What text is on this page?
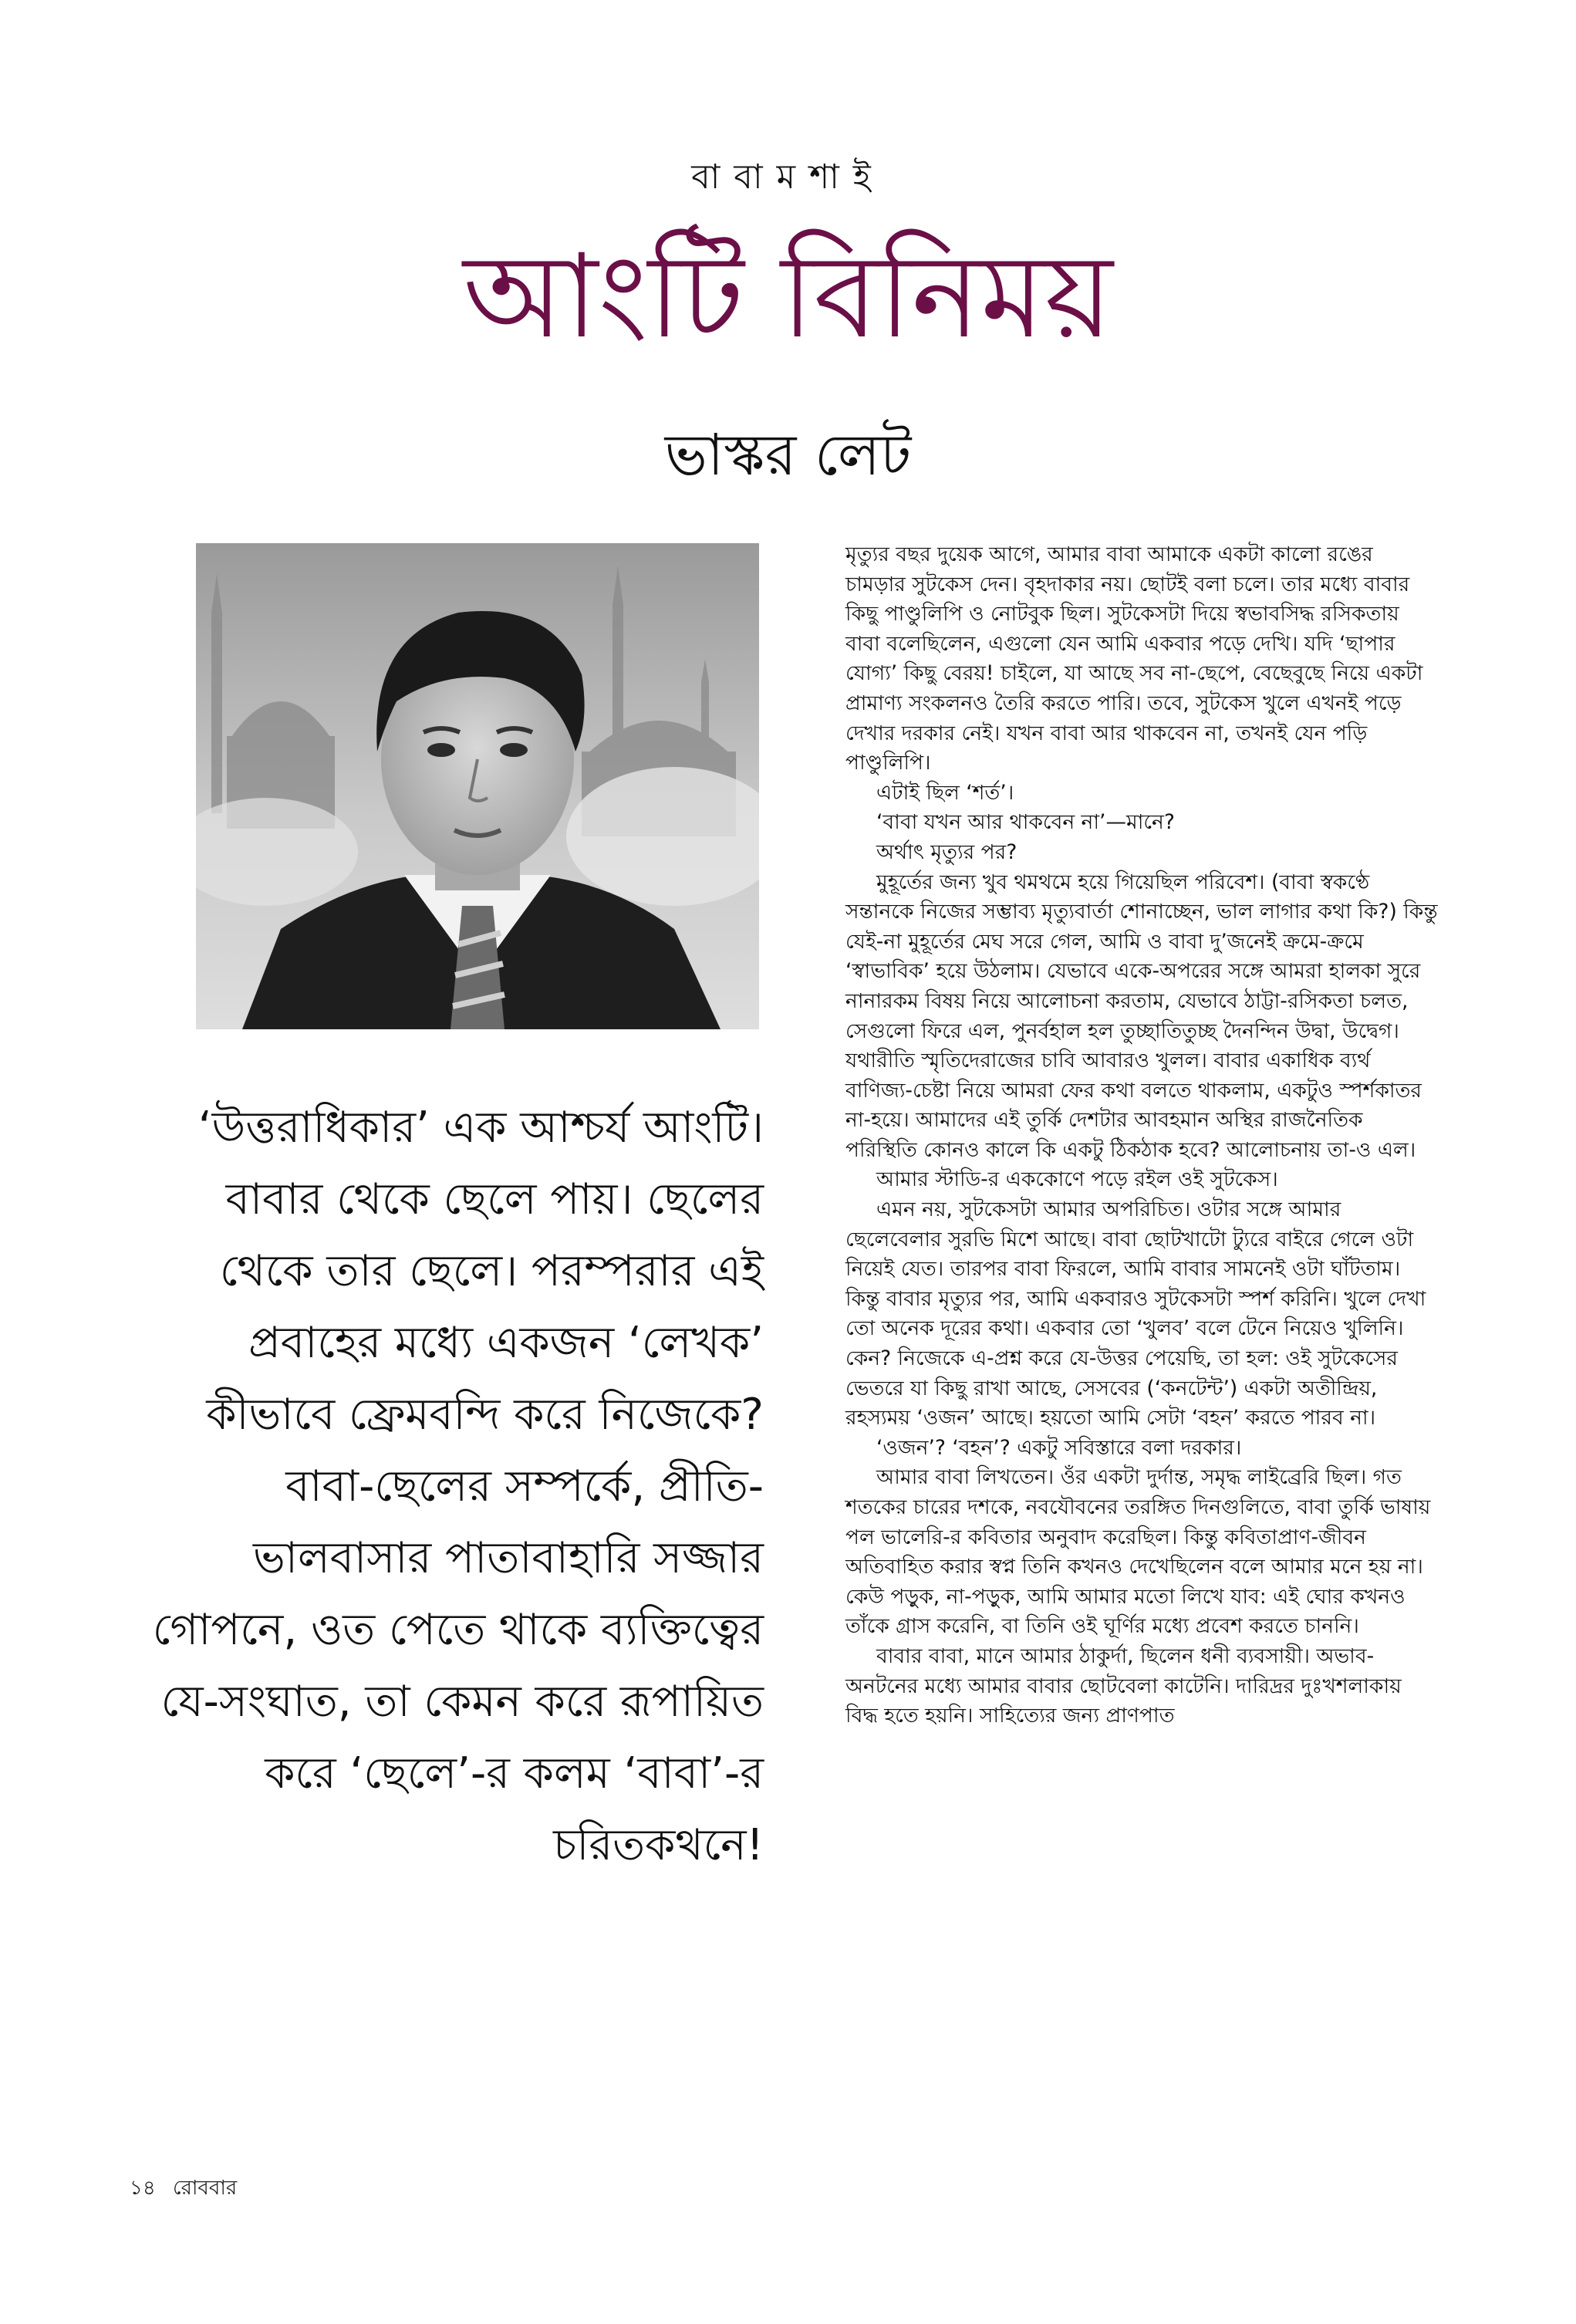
বাবামশাই
আংটি বিনিময়
ভাস্কর লেট
‘উত্তরাধিকার’ এক আশ্চর্য আংটি। বাবার থেকে ছেলে পায়। ছেলের থেকে তার ছেলে। পরম্পরার এই প্রবাহের মধ্যে একজন ‘লেখক’ কীভাবে ফ্রেমবন্দি করে নিজেকে? বাবা-ছেলের সম্পর্কে, প্রীতি-ভালবাসার পাতাবাহারি সজ্জার গোপনে, ওত পেতে থাকে ব্যক্তিত্বের যে-সংঘাত, তা কেমন করে রূপায়িত করে ‘ছেলে’-র কলম ‘বাবা’-র চরিতকথনে!

মৃত্যুর বছর দুয়েক আগে, আমার বাবা আমাকে একটা কালো রঙের চামড়ার সুটকেস দেন। বৃহদাকার নয়। ছোটই বলা চলে। তার মধ্যে বাবার কিছু পাণ্ডুলিপি ও নোটবুক ছিল। সুটকেসটা দিয়ে স্বভাবসিদ্ধ রসিকতায় বাবা বলেছিলেন, এগুলো যেন আমি একবার পড়ে দেখি। যদি ‘ছাপার যোগ্য’ কিছু বেরয়! চাইলে, যা আছে সব না-ছেপে, বেছেবুছে নিয়ে একটা প্রামাণ্য সংকলনও তৈরি করতে পারি। তবে, সুটকেস খুলে এখনই পড়ে দেখার দরকার নেই। যখন বাবা আর থাকবেন না, তখনই যেন পড়ি পাণ্ডুলিপি।

এটাই ছিল ‘শর্ত’।

‘বাবা যখন আর থাকবেন না’—মানে?

অর্থাৎ মৃত্যুর পর?

মুহূর্তের জন্য খুব থমথমে হয়ে গিয়েছিল পরিবেশ। (বাবা স্বকণ্ঠে সন্তানকে নিজের সম্ভাব্য মৃত্যুবার্তা শোনাচ্ছেন, ভাল লাগার কথা কি?) কিন্তু যেই-না মুহূর্তের মেঘ সরে গেল, আমি ও বাবা দু’জনেই ক্রমে-ক্রমে ‘স্বাভাবিক’ হয়ে উঠলাম। যেভাবে একে-অপরের সঙ্গে আমরা হালকা সুরে নানারকম বিষয় নিয়ে আলোচনা করতাম, যেভাবে ঠাট্টা-রসিকতা চলত, সেগুলো ফিরে এল, পুনর্বহাল হল তুচ্ছাতিতুচ্ছ দৈনন্দিন উদ্বা, উদ্বেগ। যথারীতি স্মৃতিদেরাজের চাবি আবারও খুলল। বাবার একাধিক ব্যর্থ বাণিজ্য-চেষ্টা নিয়ে আমরা ফের কথা বলতে থাকলাম, একটুও স্পর্শকাতর না-হয়ে। আমাদের এই তুর্কি দেশটার আবহমান অস্থির রাজনৈতিক পরিস্থিতি কোনও কালে কি একটু ঠিকঠাক হবে? আলোচনায় তা-ও এল।

আমার স্টাডি-র এককোণে পড়ে রইল ওই সুটকেস।

এমন নয়, সুটকেসটা আমার অপরিচিত। ওটার সঙ্গে আমার ছেলেবেলার সুরভি মিশে আছে। বাবা ছোটখাটো ট্যুরে বাইরে গেলে ওটা নিয়েই যেত। তারপর বাবা ফিরলে, আমি বাবার সামনেই ওটা ঘাঁটতাম। কিন্তু বাবার মৃত্যুর পর, আমি একবারও সুটকেসটা স্পর্শ করিনি। খুলে দেখা তো অনেক দূরের কথা। একবার তো ‘খুলব’ বলে টেনে নিয়েও খুলিনি। কেন? নিজেকে এ-প্রশ্ন করে যে-উত্তর পেয়েছি, তা হল: ওই সুটকেসের ভেতরে যা কিছু রাখা আছে, সেসবের (‘কনটেন্ট’) একটা অতীন্দ্রিয়, রহস্যময় ‘ওজন’ আছে। হয়তো আমি সেটা ‘বহন’ করতে পারব না।

‘ওজন’? ‘বহন’? একটু সবিস্তারে বলা দরকার।

আমার বাবা লিখতেন। ওঁর একটা দুর্দান্ত, সমৃদ্ধ লাইব্রেরি ছিল। গত শতকের চারের দশকে, নবযৌবনের তরঙ্গিত দিনগুলিতে, বাবা তুর্কি ভাষায় পল ভালেরি-র কবিতার অনুবাদ করেছিল। কিন্তু কবিতাপ্রাণ-জীবন অতিবাহিত করার স্বপ্ন তিনি কখনও দেখেছিলেন বলে আমার মনে হয় না। কেউ পড়ুক, না-পড়ুক, আমি আমার মতো লিখে যাব: এই ঘোর কখনও তাঁকে গ্রাস করেনি, বা তিনি ওই ঘূর্ণির মধ্যে প্রবেশ করতে চাননি।

বাবার বাবা, মানে আমার ঠাকুর্দা, ছিলেন ধনী ব্যবসায়ী। অভাব-অনটনের মধ্যে আমার বাবার ছোটবেলা কাটেনি। দারিদ্রর দুঃখশলাকায় বিদ্ধ হতে হয়নি। সাহিত্যের জন্য প্রাণপাত

১৪ রোববার
